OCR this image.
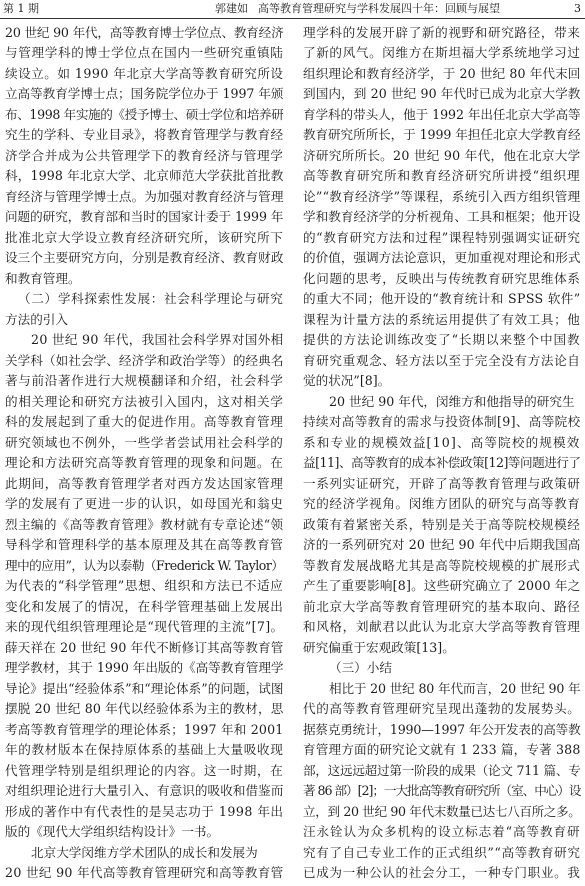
第 1 期	郭建如 高等教育管理研究与学科发展四十年：回顾与展望	3
20 世纪 90 年代，高等教育博士学位点、教育经济
与管理学科的博士学位点在国内一些研究重镇陆
续设立。如 1990 年北京大学高等教育研究所设
立高等教育学博士点；国务院学位办于 1997 年颁
布、1998 年实施的《授予博士、硕士学位和培养研
究生的学科、专业目录》，将教育管理学与教育经
济学合并成为公共管理学下的教育经济与管理学
科，1998 年北京大学、北京师范大学获批首批教
育经济与管理学博士点。为加强对教育经济与管理
问题的研究，教育部和当时的国家计委于 1999 年
批准北京大学设立教育经济研究所，该研究所下
设三个主要研究方向，分别是教育经济、教育财政
和教育管理。
（二）学科探索性发展：社会科学理论与研究
方法的引入
20 世纪 90 年代，我国社会科学界对国外相
关学科（如社会学、经济学和政治学等）的经典名
著与前沿著作进行大规模翻译和介绍，社会科学
的相关理论和研究方法被引入国内，这对相关学
科的发展起到了重大的促进作用。高等教育管理
研究领域也不例外，一些学者尝试用社会科学的
理论和方法研究高等教育管理的现象和问题。在
此期间，高等教育管理学者对西方发达国家管理
学的发展有了更进一步的认识，如母国光和翁史
烈主编的《高等教育管理》教材就有专章论述“领
导科学和管理科学的基本原理及其在高等教育管
理中的应用”，认为以泰勒（Frederick W. Taylor）
为代表的“科学管理”思想、组织和方法已不适应
变化和发展了的情况，在科学管理基础上发展出
来的现代组织管理理论是“现代管理的主流”[7]。
薛天祥在 20 世纪 90 年代不断修订其高等教育管
理学教材，其于 1990 年出版的《高等教育管理学
导论》提出“经验体系”和“理论体系”的问题，试图
摆脱 20 世纪 80 年代以经验体系为主的教材，思
考高等教育管理学的理论体系；1997 年和 2001
年的教材版本在保持原体系的基础上大量吸收现
代管理学特别是组织理论的内容。这一时期，在
对组织理论进行大量引入、有意识的吸收和借鉴而
形成的著作中有代表性的是吴志功于 1998 年出
版的《现代大学组织结构设计》一书。
北京大学闵维方学术团队的成长和发展为
20 世纪 90 年代高等教育管理研究和高等教育管
理学科的发展开辟了新的视野和研究路径，带来
了新的风气。闵维方在斯坦福大学系统地学习过
组织理论和教育经济学，于 20 世纪 80 年代末回
到国内，到 20 世纪 90 年代时已成为北京大学教
育学科的带头人，他于 1992 年出任北京大学高等
教育研究所所长，于 1999 年担任北京大学教育经
济研究所所长。20 世纪 90 年代，他在北京大学
高等教育研究所和教育经济研究所讲授“组织理
论”“教育经济学”等课程，系统引入西方组织管理
学和教育经济学的分析视角、工具和框架；他开设
的“教育研究方法和过程”课程特别强调实证研究
的价值，强调方法论意识，更加重视对理论和形式
化问题的思考，反映出与传统教育研究思维体系
的重大不同；他开设的“教育统计和 SPSS 软件”
课程为计量方法的系统运用提供了有效工具；他
提供的方法论训练改变了“长期以来整个中国教
育研究重观念、轻方法以至于完全没有方法论自
觉的状况”[8]。
20 世纪 90 年代，闵维方和他指导的研究生
持续对高等教育的需求与投资体制[9]、高等院校
系和专业的规模效益[10]、高等院校的规模效
益[11]、高等教育的成本补偿政策[12]等问题进行了
一系列实证研究，开辟了高等教育管理与政策研
究的经济学视角。闵维方团队的研究与高等教育
政策有着紧密关系，特别是关于高等院校规模经
济的一系列研究对 20 世纪 90 年代中后期我国高
等教育发展战略尤其是高等院校规模的扩展形式
产生了重要影响[8]。这些研究确立了 2000 年之
前北京大学高等教育管理研究的基本取向、路径
和风格，刘献君以此认为北京大学高等教育管理
研究偏重于宏观政策[13]。
（三）小结
相比于 20 世纪 80 年代而言，20 世纪 90 年
代的高等教育管理研究呈现出蓬勃的发展势头。
据蔡克勇统计，1990—1997 年公开发表的高等教
育管理方面的研究论文就有 1 233 篇，专著 388
部，这远远超过第一阶段的成果（论文 711 篇、专
著 86 部）[2]；一大批高等教育研究所（室、中心）设
立，到 20 世纪 90 年代末数量已达七八百所之多。
汪永铨认为众多机构的设立标志着“高等教育研
究有了自己专业工作的正式组织”“高等教育研究
已成为一种公认的社会分工，一种专门职业。我
